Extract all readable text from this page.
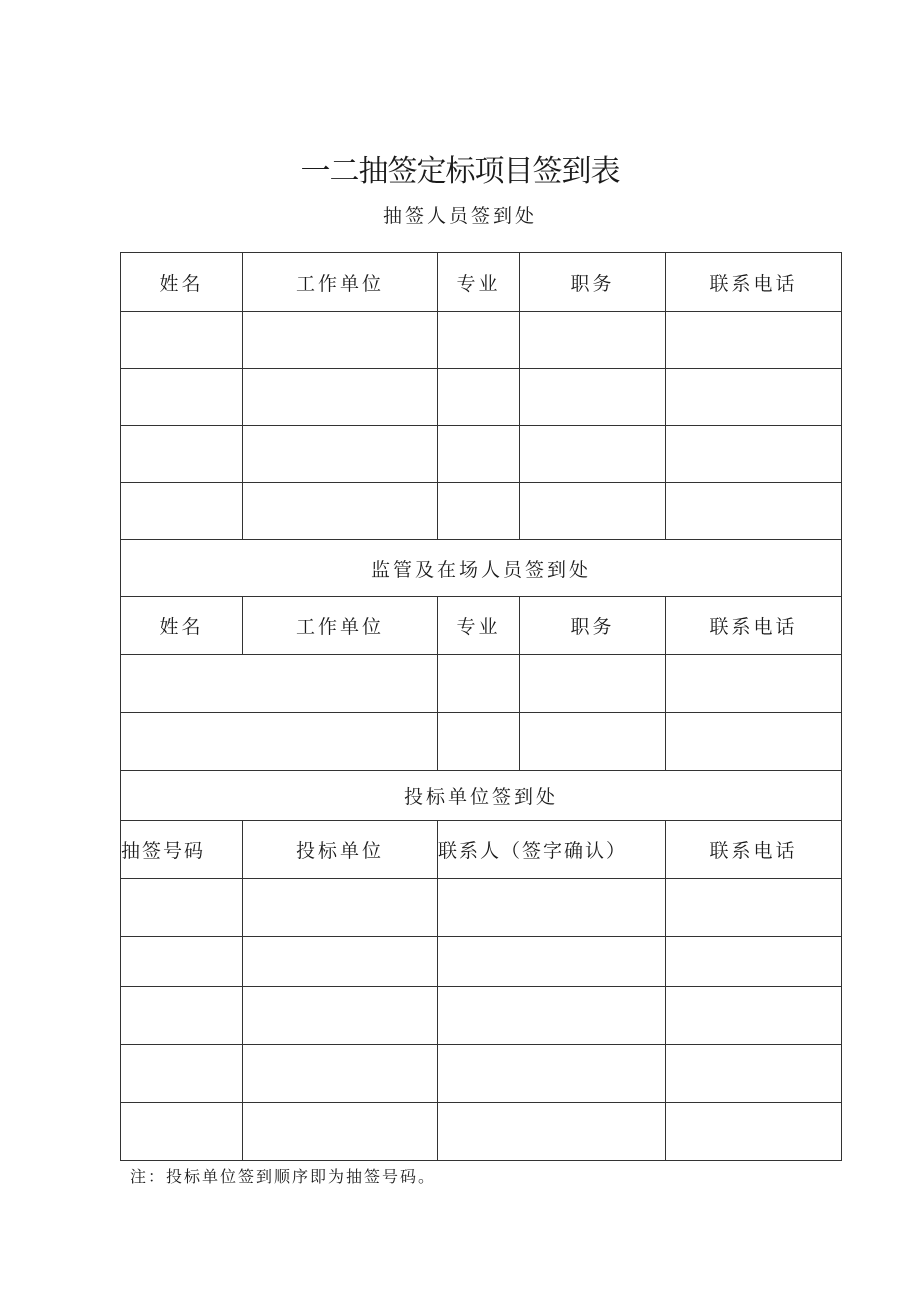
一二抽签定标项目签到表
抽签人员签到处
姓名	工作单位	专业	职务	联系电话

监管及在场人员签到处				
姓名	工作单位	专业	职务	联系电话

投标单位签到处				
抽签号码	投标单位	联系人（签字确认）		联系电话

注：投标单位签到顺序即为抽签号码。
